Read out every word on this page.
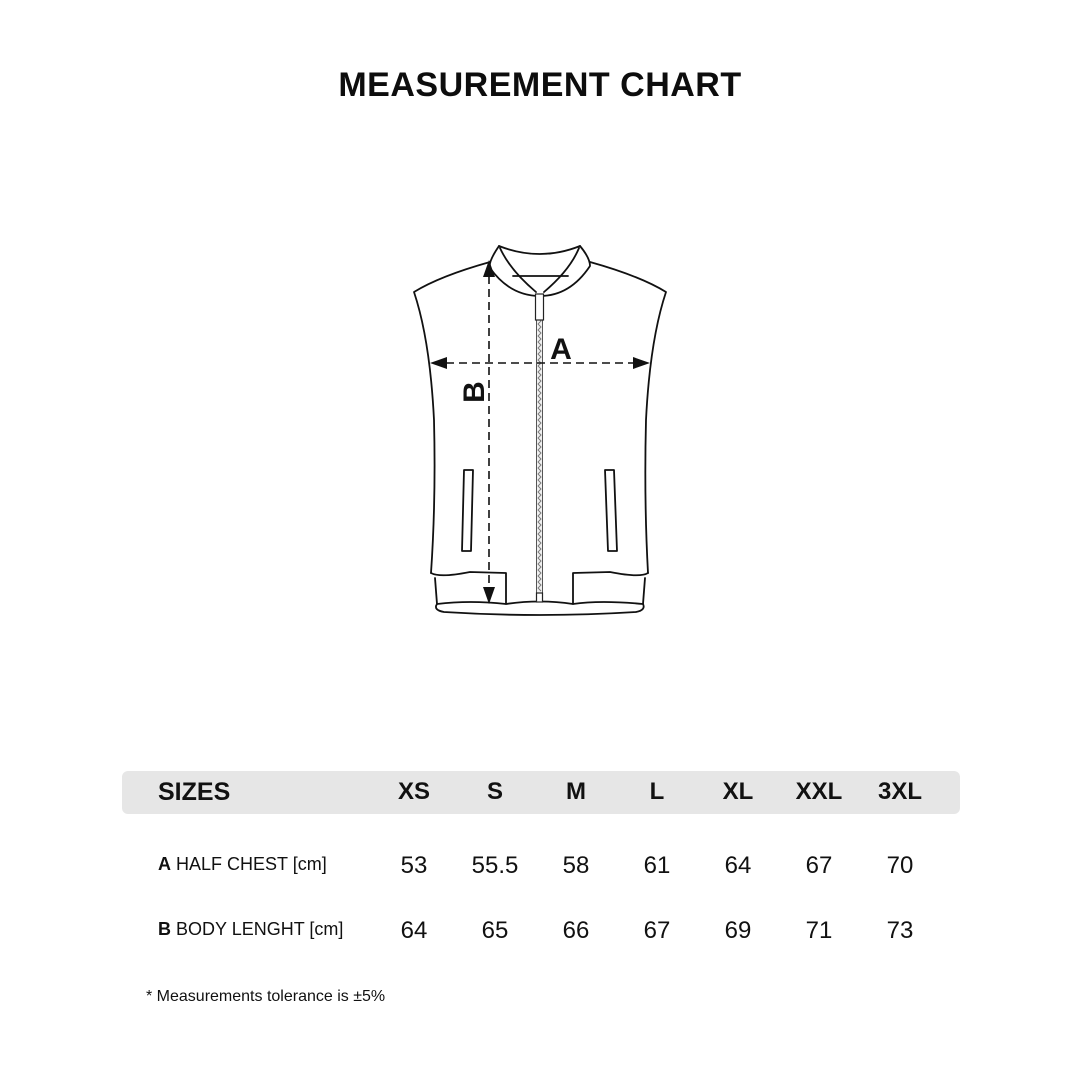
MEASUREMENT CHART
A
B
SIZES	XS	S	M	L	XL	XXL	3XL
A HALF CHEST [cm]	53	55.5	58	61	64	67	70
B BODY LENGHT [cm]	64	65	66	67	69	71	73
* Measurements tolerance is ±5%
